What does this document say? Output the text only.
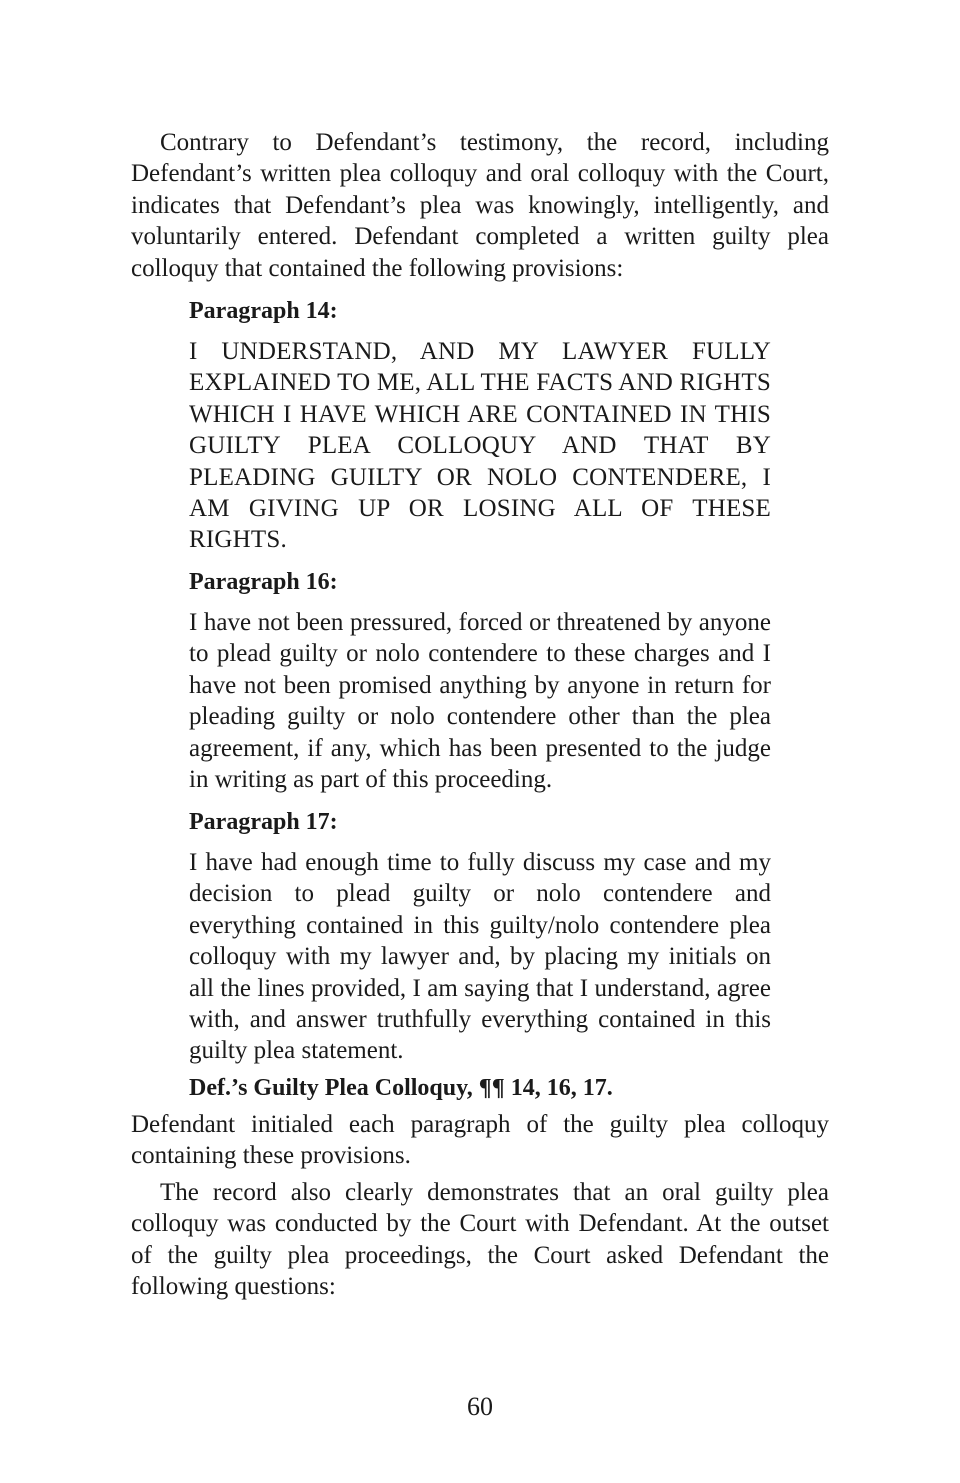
Contrary to Defendant’s testimony, the record, including Defendant’s written plea colloquy and oral colloquy with the Court, indicates that Defendant’s plea was knowingly, intelligently, and voluntarily entered. Defendant completed a written guilty plea colloquy that contained the following provisions:

Paragraph 14:

I UNDERSTAND, AND MY LAWYER FULLY EXPLAINED TO ME, ALL THE FACTS AND RIGHTS WHICH I HAVE WHICH ARE CONTAINED IN THIS GUILTY PLEA COLLOQUY AND THAT BY PLEADING GUILTY OR NOLO CONTENDERE, I AM GIVING UP OR LOSING ALL OF THESE RIGHTS.

Paragraph 16:

I have not been pressured, forced or threatened by anyone to plead guilty or nolo contendere to these charges and I have not been promised anything by anyone in return for pleading guilty or nolo contendere other than the plea agreement, if any, which has been presented to the judge in writing as part of this proceeding.

Paragraph 17:

I have had enough time to fully discuss my case and my decision to plead guilty or nolo contendere and everything contained in this guilty/nolo contendere plea colloquy with my lawyer and, by placing my initials on all the lines provided, I am saying that I understand, agree with, and answer truthfully everything contained in this guilty plea statement.

Def.’s Guilty Plea Colloquy, ¶¶ 14, 16, 17.

Defendant initialed each paragraph of the guilty plea colloquy containing these provisions.

The record also clearly demonstrates that an oral guilty plea colloquy was conducted by the Court with Defendant. At the outset of the guilty plea proceedings, the Court asked Defendant the following questions:

60
